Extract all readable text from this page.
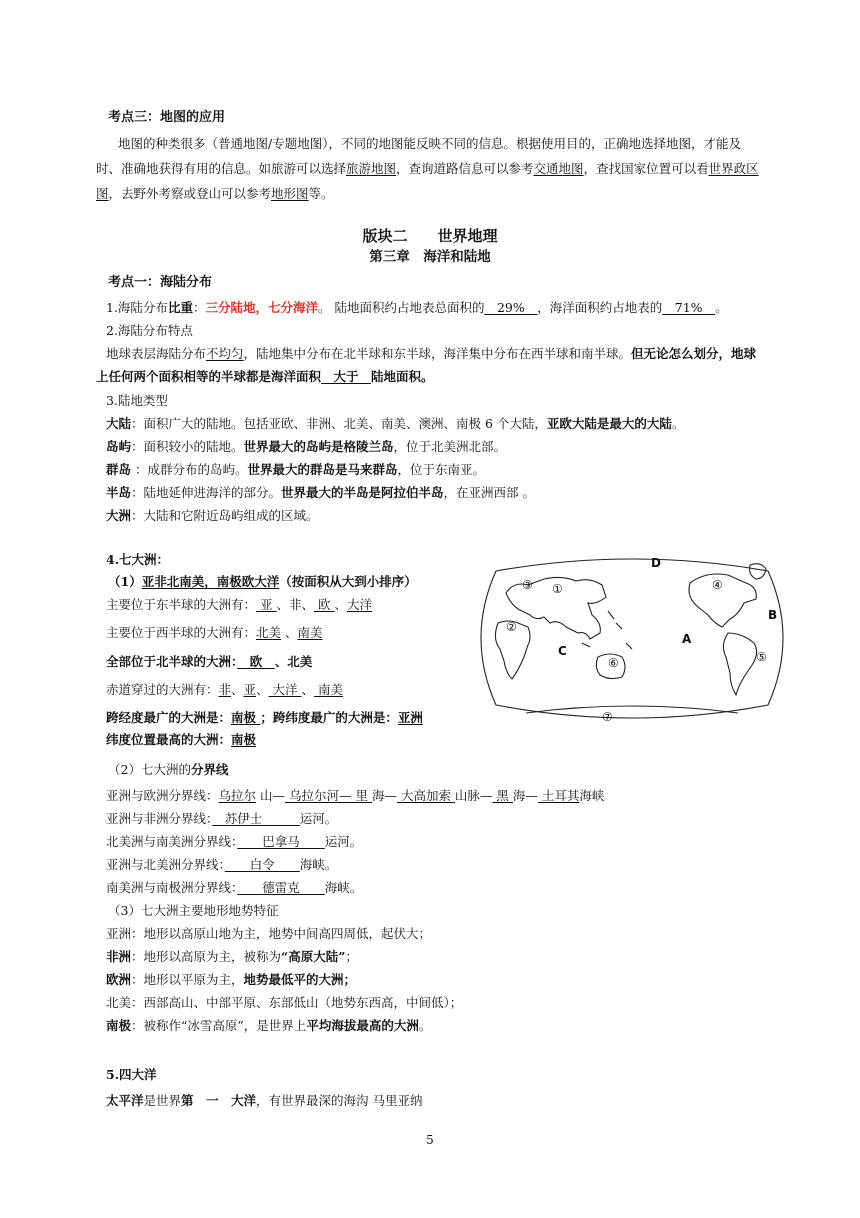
考点三：地图的应用
地图的种类很多（普通地图/专题地图），不同的地图能反映不同的信息。根据使用目的，正确地选择地图，才能及
时、准确地获得有用的信息。如旅游可以选择旅游地图，查询道路信息可以参考交通地图，查找国家位置可以看世界政区
图，去野外考察或登山可以参考地形图等。
版块二　　世界地理
第三章　海洋和陆地
考点一：海陆分布
1.海陆分布比重：三分陆地，七分海洋。 陆地面积约占地表总面积的　29%　，海洋面积约占地表的　71%　。
2.海陆分布特点
地球表层海陆分布不均匀，陆地集中分布在北半球和东半球，海洋集中分布在西半球和南半球。但无论怎么划分，地球
上任何两个面积相等的半球都是海洋面积　大于　陆地面积。
3.陆地类型
大陆：面积广大的陆地。包括亚欧、非洲、北美、南美、澳洲、南极 6 个大陆，亚欧大陆是最大的大陆。
岛屿：面积较小的陆地。世界最大的岛屿是格陵兰岛，位于北美洲北部。
群岛 ：成群分布的岛屿。世界最大的群岛是马来群岛，位于东南亚。
半岛：陆地延伸进海洋的部分。世界最大的半岛是阿拉伯半岛，在亚洲西部 。
大洲：大陆和它附近岛屿组成的区域。
4.七大洲：
（1）亚非北南美，南极欧大洋（按面积从大到小排序）
主要位于东半球的大洲有： 亚 、非、 欧 、大洋
主要位于西半球的大洲有：北美 、南美
全部位于北半球的大洲：　欧　、北美
赤道穿过的大洲有：非、亚、 大洋 、 南美
跨经度最广的大洲是：南极 ；跨纬度最广的大洲是：亚洲
纬度位置最高的大洲：南极
（2）七大洲的分界线
亚洲与欧洲分界线：乌拉尔 山— 乌拉尔河— 里 海— 大高加索 山脉— 黑 海— 土耳其海峡
亚洲与非洲分界线：　苏伊士　　　运河。
北美洲与南美洲分界线：　　巴拿马　　运河。
亚洲与北美洲分界线：　　白令　　海峡。
南美洲与南极洲分界线：　　德雷克　　海峡。
（3）七大洲主要地形地势特征
亚洲：地形以高原山地为主，地势中间高四周低，起伏大；
非洲：地形以高原为主，被称为“高原大陆”；
欧洲：地形以平原为主，地势最低平的大洲；
北美：西部高山、中部平原、东部低山（地势东西高，中间低）；
南极：被称作“冰雪高原”，是世界上平均海拔最高的大洲。
5.四大洋
太平洋是世界第　一　大洋，有世界最深的海沟 马里亚纳
D
B
A
C
①
②
③	④
⑤
⑥
⑦
5
